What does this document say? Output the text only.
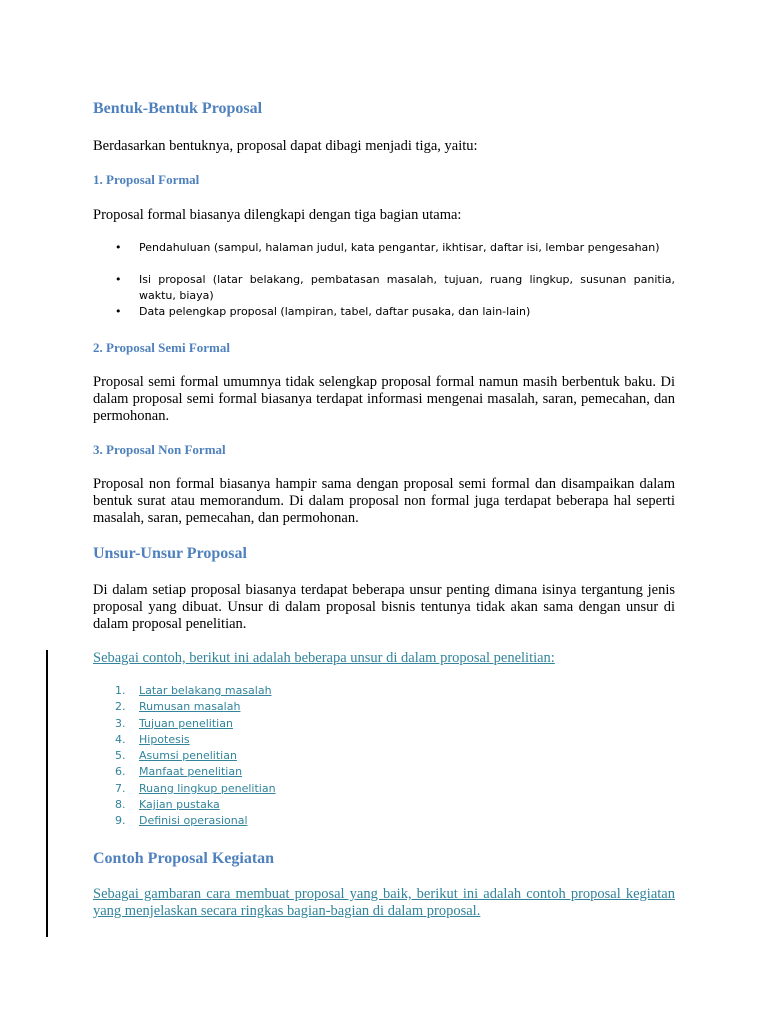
Bentuk-Bentuk Proposal

Berdasarkan bentuknya, proposal dapat dibagi menjadi tiga, yaitu:

1. Proposal Formal

Proposal formal biasanya dilengkapi dengan tiga bagian utama:

• Pendahuluan (sampul, halaman judul, kata pengantar, ikhtisar, daftar isi, lembar pengesahan)
• Isi proposal (latar belakang, pembatasan masalah, tujuan, ruang lingkup, susunan panitia, waktu, biaya)
• Data pelengkap proposal (lampiran, tabel, daftar pusaka, dan lain-lain)
2. Proposal Semi Formal

Proposal semi formal umumnya tidak selengkap proposal formal namun masih berbentuk baku. Di dalam proposal semi formal biasanya terdapat informasi mengenai masalah, saran, pemecahan, dan permohonan.

3. Proposal Non Formal

Proposal non formal biasanya hampir sama dengan proposal semi formal dan disampaikan dalam bentuk surat atau memorandum. Di dalam proposal non formal juga terdapat beberapa hal seperti masalah, saran, pemecahan, dan permohonan.

Unsur-Unsur Proposal

Di dalam setiap proposal biasanya terdapat beberapa unsur penting dimana isinya tergantung jenis proposal yang dibuat. Unsur di dalam proposal bisnis tentunya tidak akan sama dengan unsur di dalam proposal penelitian.

Sebagai contoh, berikut ini adalah beberapa unsur di dalam proposal penelitian:

1. Latar belakang masalah
2. Rumusan masalah
3. Tujuan penelitian
4. Hipotesis
5. Asumsi penelitian
6. Manfaat penelitian
7. Ruang lingkup penelitian
8. Kajian pustaka
9. Definisi operasional
Contoh Proposal Kegiatan

Sebagai gambaran cara membuat proposal yang baik, berikut ini adalah contoh proposal kegiatan yang menjelaskan secara ringkas bagian-bagian di dalam proposal.
